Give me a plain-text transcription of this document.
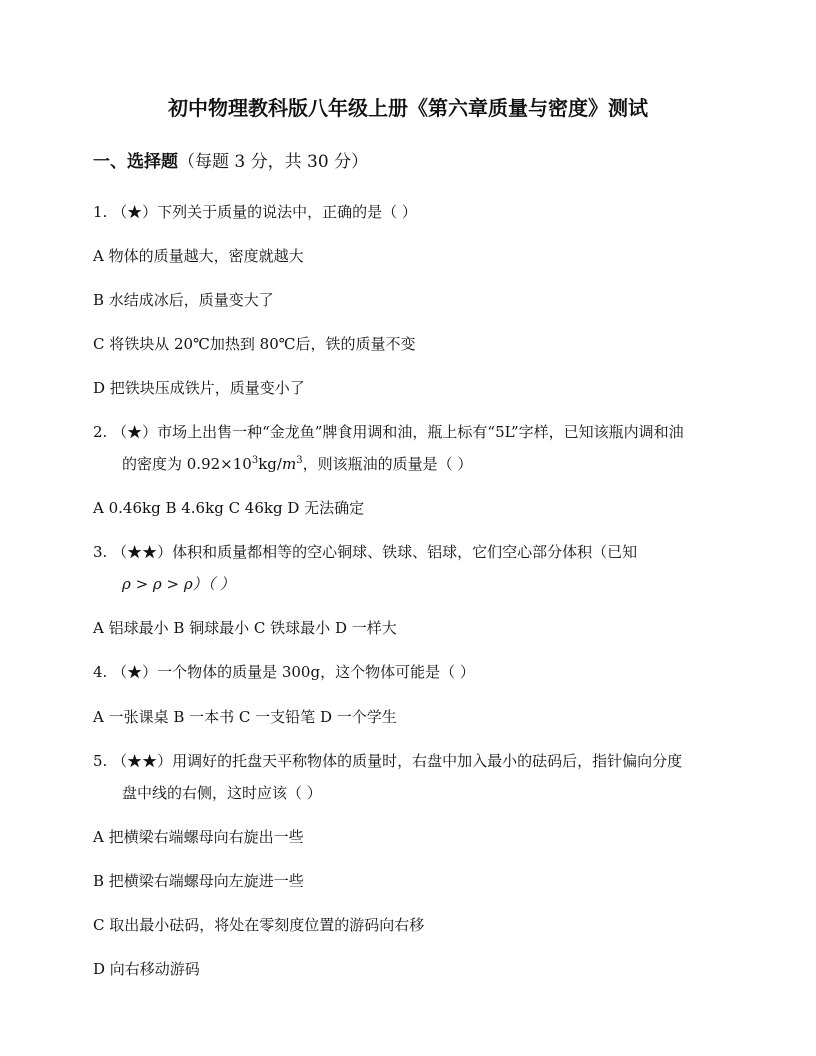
初中物理教科版八年级上册《第六章质量与密度》测试
一、选择题（每题 3 分，共 30 分）
1. （★）下列关于质量的说法中，正确的是（ ）
A 物体的质量越大，密度就越大
B 水结成冰后，质量变大了
C 将铁块从 20℃加热到 80℃后，铁的质量不变
D 把铁块压成铁片，质量变小了
2. （★）市场上出售一种“金龙鱼”牌食用调和油，瓶上标有“5L”字样，已知该瓶内调和油
的密度为 $0.92\times 10^3kg/m^3$，则该瓶油的质量是（ ）
A 0.46kg B 4.6kg C 46kg D 无法确定
3. （★★）体积和质量都相等的空心铜球、铁球、铝球，它们空心部分体积（已知
ρ > ρ > ρ）（ ）
A 铝球最小 B 铜球最小 C 铁球最小 D 一样大
4. （★）一个物体的质量是 300g，这个物体可能是（ ）
A 一张课桌 B 一本书 C 一支铅笔 D 一个学生
5. （★★）用调好的托盘天平称物体的质量时，右盘中加入最小的砝码后，指针偏向分度
盘中线的右侧，这时应该（ ）
A 把横梁右端螺母向右旋出一些
B 把横梁右端螺母向左旋进一些
C 取出最小砝码，将处在零刻度位置的游码向右移
D 向右移动游码
